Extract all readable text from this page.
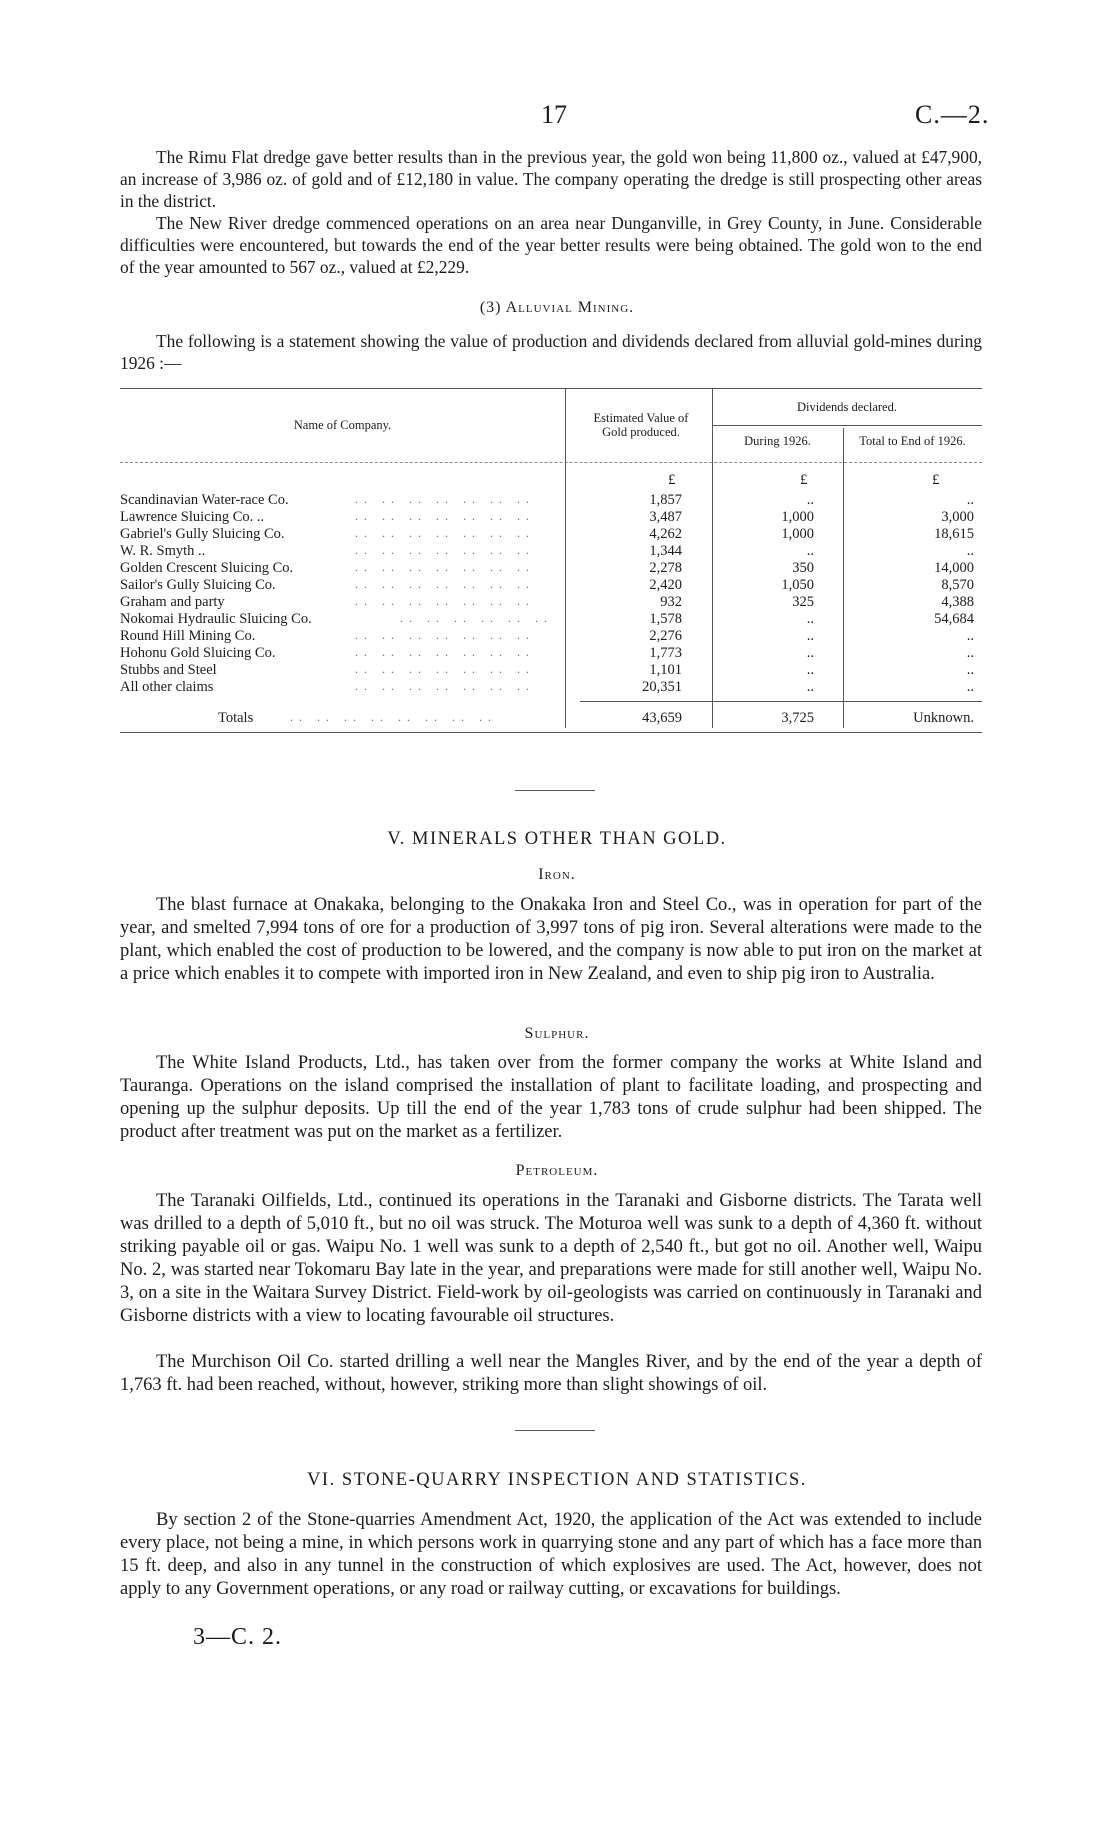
17	C.—2.

The Rimu Flat dredge gave better results than in the previous year, the gold won being 11,800 oz., valued at £47,900, an increase of 3,986 oz. of gold and of £12,180 in value. The company operating the dredge is still prospecting other areas in the district.

The New River dredge commenced operations on an area near Dunganville, in Grey County, in June. Considerable difficulties were encountered, but towards the end of the year better results were being obtained. The gold won to the end of the year amounted to 567 oz., valued at £2,229.

(3) Alluvial Mining.

The following is a statement showing the value of production and dividends declared from alluvial gold-mines during 1926 :—

Name of Company.	Estimated Value of Gold produced.
Dividends declared.
During 1926.	Total to End of 1926.
£	£	£
Scandinavian Water-race Co.	.. .. .. .. .. .. ..	1,857	..	..
Lawrence Sluicing Co. ..	.. .. .. .. .. .. ..	3,487	1,000	3,000
Gabriel's Gully Sluicing Co.	.. .. .. .. .. .. ..	4,262	1,000	18,615
W. R. Smyth ..	.. .. .. .. .. .. ..	1,344	..	..
Golden Crescent Sluicing Co.	.. .. .. .. .. .. ..	2,278	350	14,000
Sailor's Gully Sluicing Co.	.. .. .. .. .. .. ..	2,420	1,050	8,570
Graham and party	.. .. .. .. .. .. ..	932	325	4,388
Nokomai Hydraulic Sluicing Co.	.. .. .. .. .. ..	1,578	..	54,684
Round Hill Mining Co.	.. .. .. .. .. .. ..	2,276	..	..
Hohonu Gold Sluicing Co.	.. .. .. .. .. .. ..	1,773	..	..
Stubbs and Steel	.. .. .. .. .. .. ..	1,101	..	..
All other claims	.. .. .. .. .. .. ..	20,351	..	..
Totals	.. .. .. .. .. .. .. ..	43,659	3,725	Unknown.
V. MINERALS OTHER THAN GOLD.
Iron.

The blast furnace at Onakaka, belonging to the Onakaka Iron and Steel Co., was in operation for part of the year, and smelted 7,994 tons of ore for a production of 3,997 tons of pig iron. Several alterations were made to the plant, which enabled the cost of production to be lowered, and the company is now able to put iron on the market at a price which enables it to compete with imported iron in New Zealand, and even to ship pig iron to Australia.

Sulphur.

The White Island Products, Ltd., has taken over from the former company the works at White Island and Tauranga. Operations on the island comprised the installation of plant to facilitate loading, and prospecting and opening up the sulphur deposits. Up till the end of the year 1,783 tons of crude sulphur had been shipped. The product after treatment was put on the market as a fertilizer.

Petroleum.

The Taranaki Oilfields, Ltd., continued its operations in the Taranaki and Gisborne districts. The Tarata well was drilled to a depth of 5,010 ft., but no oil was struck. The Moturoa well was sunk to a depth of 4,360 ft. without striking payable oil or gas. Waipu No. 1 well was sunk to a depth of 2,540 ft., but got no oil. Another well, Waipu No. 2, was started near Tokomaru Bay late in the year, and preparations were made for still another well, Waipu No. 3, on a site in the Waitara Survey District. Field-work by oil-geologists was carried on continuously in Taranaki and Gisborne districts with a view to locating favourable oil structures.

The Murchison Oil Co. started drilling a well near the Mangles River, and by the end of the year a depth of 1,763 ft. had been reached, without, however, striking more than slight showings of oil.

VI. STONE-QUARRY INSPECTION AND STATISTICS.

By section 2 of the Stone-quarries Amendment Act, 1920, the application of the Act was extended to include every place, not being a mine, in which persons work in quarrying stone and any part of which has a face more than 15 ft. deep, and also in any tunnel in the construction of which explosives are used. The Act, however, does not apply to any Government operations, or any road or railway cutting, or excavations for buildings.

3—C. 2.
